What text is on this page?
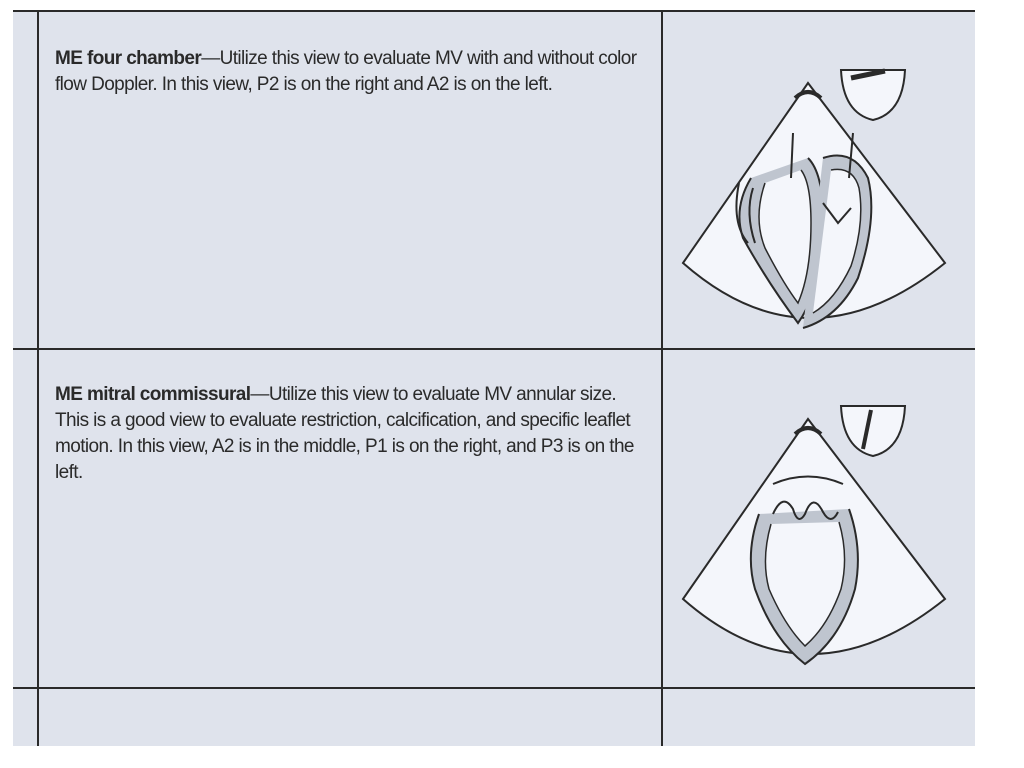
ME four chamber—Utilize this view to evaluate MV with and without color flow Doppler. In this view, P2 is on the right and A2 is on the left.
ME mitral commissural—Utilize this view to evaluate MV annular size. This is a good view to evaluate restriction, calcification, and specific leaflet motion. In this view, A2 is in the middle, P1 is on the right, and P3 is on the left.
